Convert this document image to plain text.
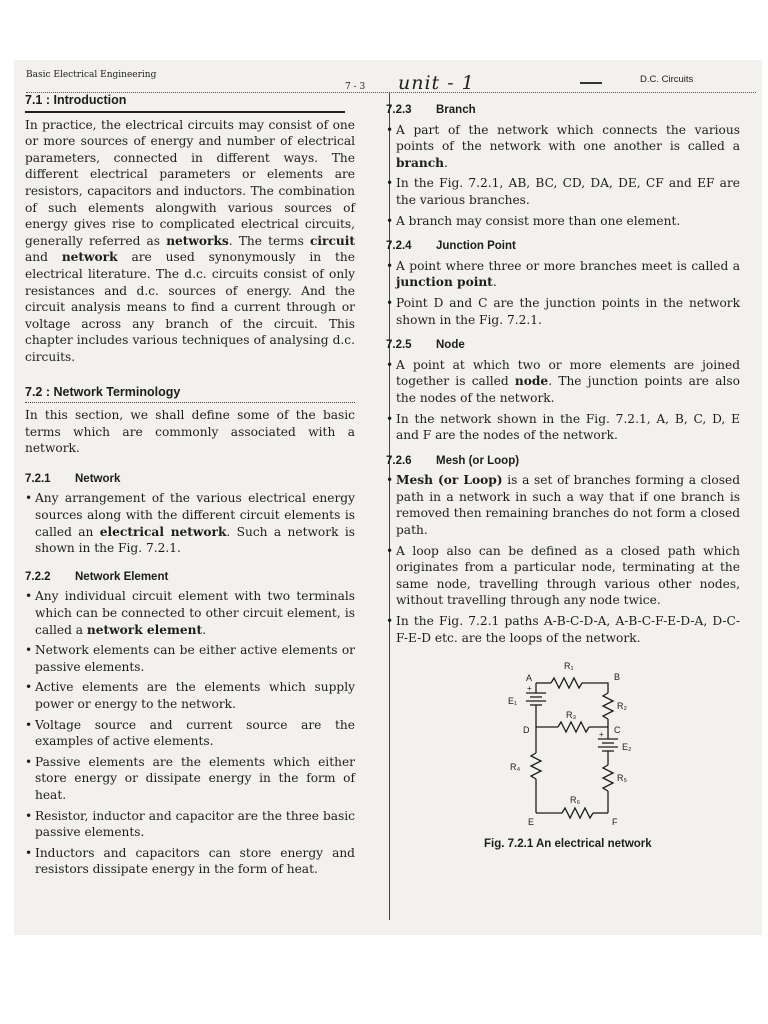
Basic Electrical Engineering
7 - 3 unit - 1	D.C. Circuits
7.1 : Introduction

In practice, the electrical circuits may consist of one or more sources of energy and number of electrical parameters, connected in different ways. The different electrical parameters or elements are resistors, capacitors and inductors. The combination of such elements alongwith various sources of energy gives rise to complicated electrical circuits, generally referred as networks. The terms circuit and network are used synonymously in the electrical literature. The d.c. circuits consist of only resistances and d.c. sources of energy. And the circuit analysis means to find a current through or voltage across any branch of the circuit. This chapter includes various techniques of analysing d.c. circuits.

7.2 : Network Terminology

In this section, we shall define some of the basic terms which are commonly associated with a network.

7.2.1 Network
• Any arrangement of the various electrical energy sources along with the different circuit elements is called an electrical network. Such a network is shown in the Fig. 7.2.1.
7.2.2 Network Element
• Any individual circuit element with two terminals which can be connected to other circuit element, is called a network element.
• Network elements can be either active elements or passive elements.
• Active elements are the elements which supply power or energy to the network.
• Voltage source and current source are the examples of active elements.
• Passive elements are the elements which either store energy or dissipate energy in the form of heat.
• Resistor, inductor and capacitor are the three basic passive elements.
• Inductors and capacitors can store energy and resistors dissipate energy in the form of heat.
7.2.3 Branch
• A part of the network which connects the various points of the network with one another is called a branch.
• In the Fig. 7.2.1, AB, BC, CD, DA, DE, CF and EF are the various branches.
• A branch may consist more than one element.
7.2.4 Junction Point
• A point where three or more branches meet is called a junction point.
• Point D and C are the junction points in the network shown in the Fig. 7.2.1.
7.2.5 Node
• A point at which two or more elements are joined together is called node. The junction points are also the nodes of the network.
• In the network shown in the Fig. 7.2.1, A, B, C, D, E and F are the nodes of the network.
7.2.6 Mesh (or Loop)
• Mesh (or Loop) is a set of branches forming a closed path in a network in such a way that if one branch is removed then remaining branches do not form a closed path.
• A loop also can be defined as a closed path which originates from a particular node, terminating at the same node, travelling through various other nodes, without travelling through any node twice.
• In the Fig. 7.2.1 paths A-B-C-D-A, A-B-C-F-E-D-A, D-C-F-E-D etc. are the loops of the network.
A	B
C
D
E	F
R₁
R₂
R₃
R₄
R₅
R₆
E₁
E₂
+
+
Fig. 7.2.1 An electrical network
